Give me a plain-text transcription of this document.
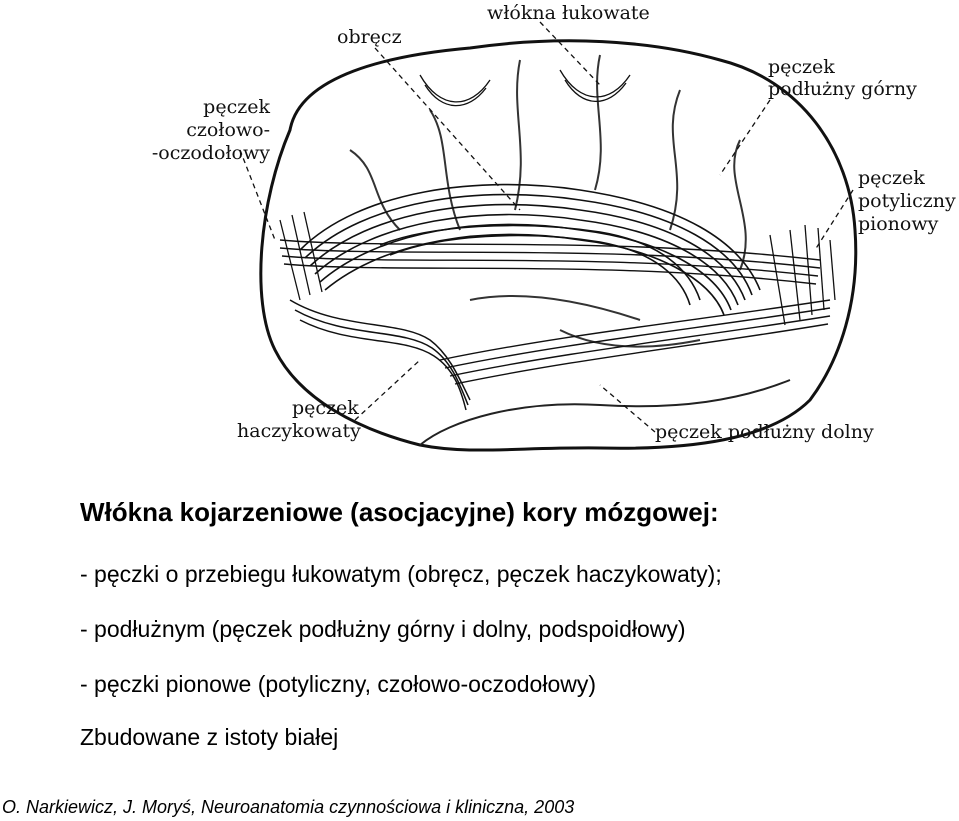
obręcz
włókna łukowate
pęczek
czołowo-
-oczodołowy
pęczek
podłużny górny
pęczek
potyliczny
pionowy
pęczek
haczykowaty	pęczek podłużny dolny
Włókna kojarzeniowe (asocjacyjne) kory mózgowej:
- pęczki o przebiegu łukowatym (obręcz, pęczek haczykowaty);
- podłużnym (pęczek podłużny górny i dolny, podspoidłowy)
- pęczki pionowe (potyliczny, czołowo-oczodołowy)
Zbudowane z istoty białej
O. Narkiewicz, J. Moryś, Neuroanatomia czynnościowa i kliniczna, 2003
